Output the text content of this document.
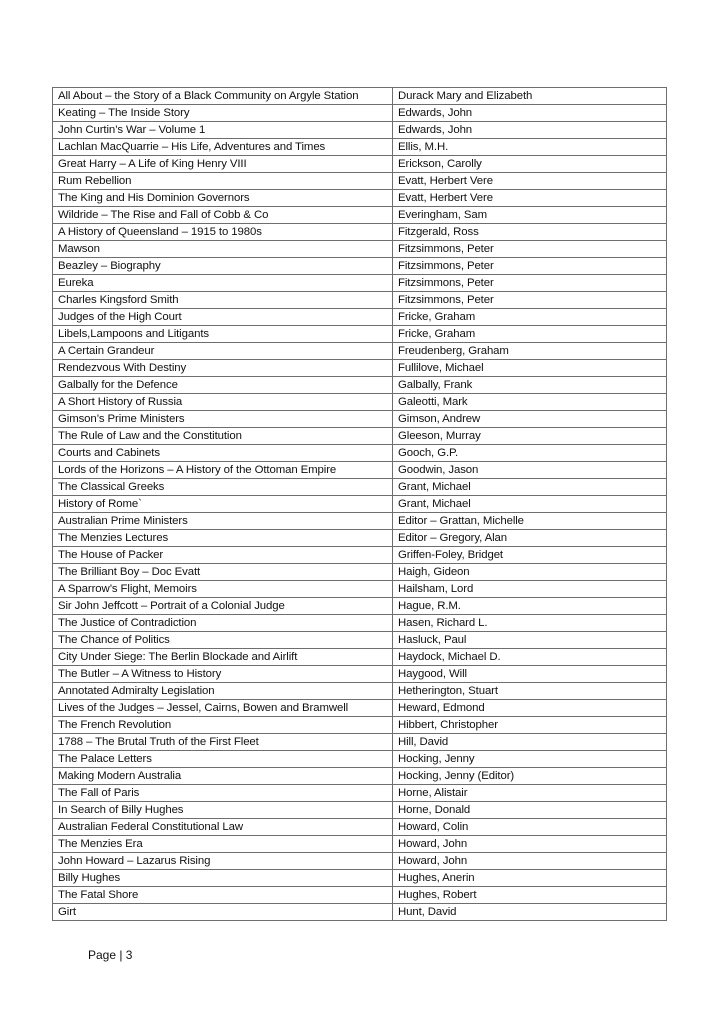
All About – the Story of a Black Community on Argyle Station	Durack Mary and Elizabeth
Keating – The Inside Story	Edwards, John
John Curtin’s War – Volume 1	Edwards, John
Lachlan MacQuarrie – His Life, Adventures and Times	Ellis, M.H.
Great Harry – A Life of King Henry VIII	Erickson, Carolly
Rum Rebellion	Evatt, Herbert Vere
The King and His Dominion Governors	Evatt, Herbert Vere
Wildride – The Rise and Fall of Cobb & Co	Everingham, Sam
A History of Queensland – 1915 to 1980s	Fitzgerald, Ross
Mawson	Fitzsimmons, Peter
Beazley – Biography	Fitzsimmons, Peter
Eureka	Fitzsimmons, Peter
Charles Kingsford Smith	Fitzsimmons, Peter
Judges of the High Court	Fricke, Graham
Libels,Lampoons and Litigants	Fricke, Graham
A Certain Grandeur	Freudenberg, Graham
Rendezvous With Destiny	Fullilove, Michael
Galbally for the Defence	Galbally, Frank
A Short History of Russia	Galeotti, Mark
Gimson’s Prime Ministers	Gimson, Andrew
The Rule of Law and the Constitution	Gleeson, Murray
Courts and Cabinets	Gooch, G.P.
Lords of the Horizons – A History of the Ottoman Empire	Goodwin, Jason
The Classical Greeks	Grant, Michael
History of Rome`	Grant, Michael
Australian Prime Ministers	Editor – Grattan, Michelle
The Menzies Lectures	Editor – Gregory, Alan
The House of Packer	Griffen-Foley, Bridget
The Brilliant Boy – Doc Evatt	Haigh, Gideon
A Sparrow’s Flight, Memoirs	Hailsham, Lord
Sir John Jeffcott – Portrait of a Colonial Judge	Hague, R.M.
The Justice of Contradiction	Hasen, Richard L.
The Chance of Politics	Hasluck, Paul
City Under Siege: The Berlin Blockade and Airlift	Haydock, Michael D.
The Butler – A Witness to History	Haygood, Will
Annotated Admiralty Legislation	Hetherington, Stuart
Lives of the Judges – Jessel, Cairns, Bowen and Bramwell	Heward, Edmond
The French Revolution	Hibbert, Christopher
1788 – The Brutal Truth of the First Fleet	Hill, David
The Palace Letters	Hocking, Jenny
Making Modern Australia	Hocking, Jenny (Editor)
The Fall of Paris	Horne, Alistair
In Search of Billy Hughes	Horne, Donald
Australian Federal Constitutional Law	Howard, Colin
The Menzies Era	Howard, John
John Howard – Lazarus Rising	Howard, John
Billy Hughes	Hughes, Anerin
The Fatal Shore	Hughes, Robert
Girt	Hunt, David
Page | 3
